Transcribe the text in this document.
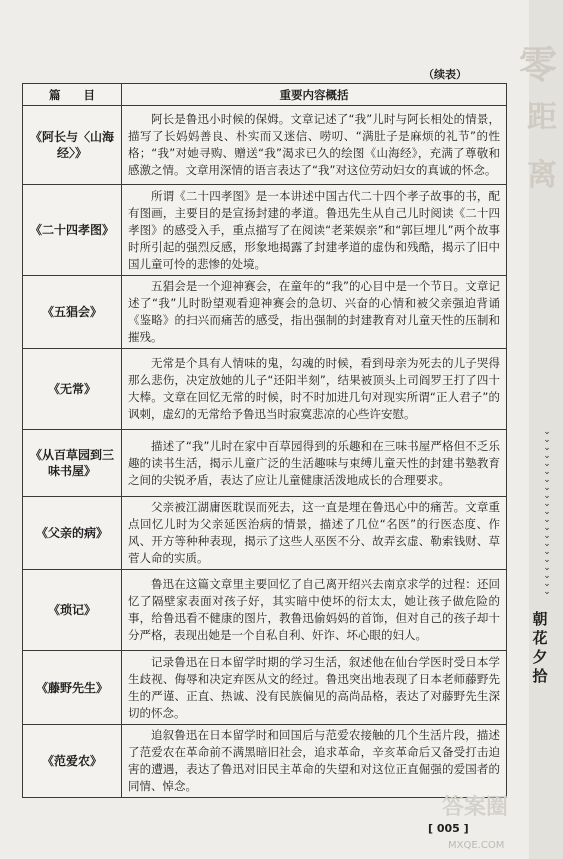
零
距
离
（续表）
篇　　目	重要内容概括
《阿长与〈山海经〉》	阿长是鲁迅小时候的保姆。文章记述了“我”儿时与阿长相处的情景，描写了长妈妈善良、朴实而又迷信、唠叨、“满肚子是麻烦的礼节”的性格；“我”对她寻购、赠送“我”渴求已久的绘图《山海经》，充满了尊敬和感激之情。文章用深情的语言表达了“我”对这位劳动妇女的真诚的怀念。
《二十四孝图》	所谓《二十四孝图》是一本讲述中国古代二十四个孝子故事的书，配有图画，主要目的是宣扬封建的孝道。鲁迅先生从自己儿时阅读《二十四孝图》的感受入手，重点描写了在阅读“老莱娱亲”和“郭巨埋儿”两个故事时所引起的强烈反感，形象地揭露了封建孝道的虚伪和残酷，揭示了旧中国儿童可怜的悲惨的处境。
《五猖会》	五猖会是一个迎神赛会，在童年的“我”的心目中是一个节日。文章记述了“我”儿时盼望观看迎神赛会的急切、兴奋的心情和被父亲强迫背诵《鉴略》的扫兴而痛苦的感受，指出强制的封建教育对儿童天性的压制和摧残。
《无常》	无常是个具有人情味的鬼，勾魂的时候，看到母亲为死去的儿子哭得那么悲伤，决定放她的儿子“还阳半刻”，结果被顶头上司阎罗王打了四十大棒。文章在回忆无常的时候，时不时加进几句对现实所谓“正人君子”的讽刺，虚幻的无常给予鲁迅当时寂寞悲凉的心些许安慰。
《从百草园到三味书屋》	描述了“我”儿时在家中百草园得到的乐趣和在三味书屋严格但不乏乐趣的读书生活，揭示儿童广泛的生活趣味与束缚儿童天性的封建书塾教育之间的尖锐矛盾，表达了应让儿童健康活泼地成长的合理要求。
《父亲的病》	父亲被江湖庸医耽误而死去，这一直是埋在鲁迅心中的痛苦。文章重点回忆儿时为父亲延医治病的情景，描述了几位“名医”的行医态度、作风、开方等种种表现，揭示了这些人巫医不分、故弄玄虚、勒索钱财、草菅人命的实质。
《琐记》	鲁迅在这篇文章里主要回忆了自己离开绍兴去南京求学的过程：还回忆了隔壁家表面对孩子好，其实暗中使坏的衍太太，她让孩子做危险的事，给鲁迅看不健康的图片，教鲁迅偷妈妈的首饰，但对自己的孩子却十分严格，表现出她是一个自私自利、奸诈、坏心眼的妇人。
《藤野先生》	记录鲁迅在日本留学时期的学习生活，叙述他在仙台学医时受日本学生歧视、侮辱和决定弃医从文的经过。鲁迅突出地表现了日本老师藤野先生的严谨、正直、热诚、没有民族偏见的高尚品格，表达了对藤野先生深切的怀念。
《范爱农》	追叙鲁迅在日本留学时和回国后与范爱农接触的几个生活片段，描述了范爱农在革命前不满黑暗旧社会，追求革命，辛亥革命后又备受打击迫害的遭遇，表达了鲁迅对旧民主革命的失望和对这位正直倔强的爱国者的同情、悼念。
⌄
⌄
⌄
⌄
⌄
⌄
⌄
⌄
⌄
⌄
⌄
⌄
⌄
⌄
⌄
⌄
⌄
⌄
⌄
⌄
⌄
朝
花
夕
拾
[ 005 ]
答案圈
MXQE.COM
